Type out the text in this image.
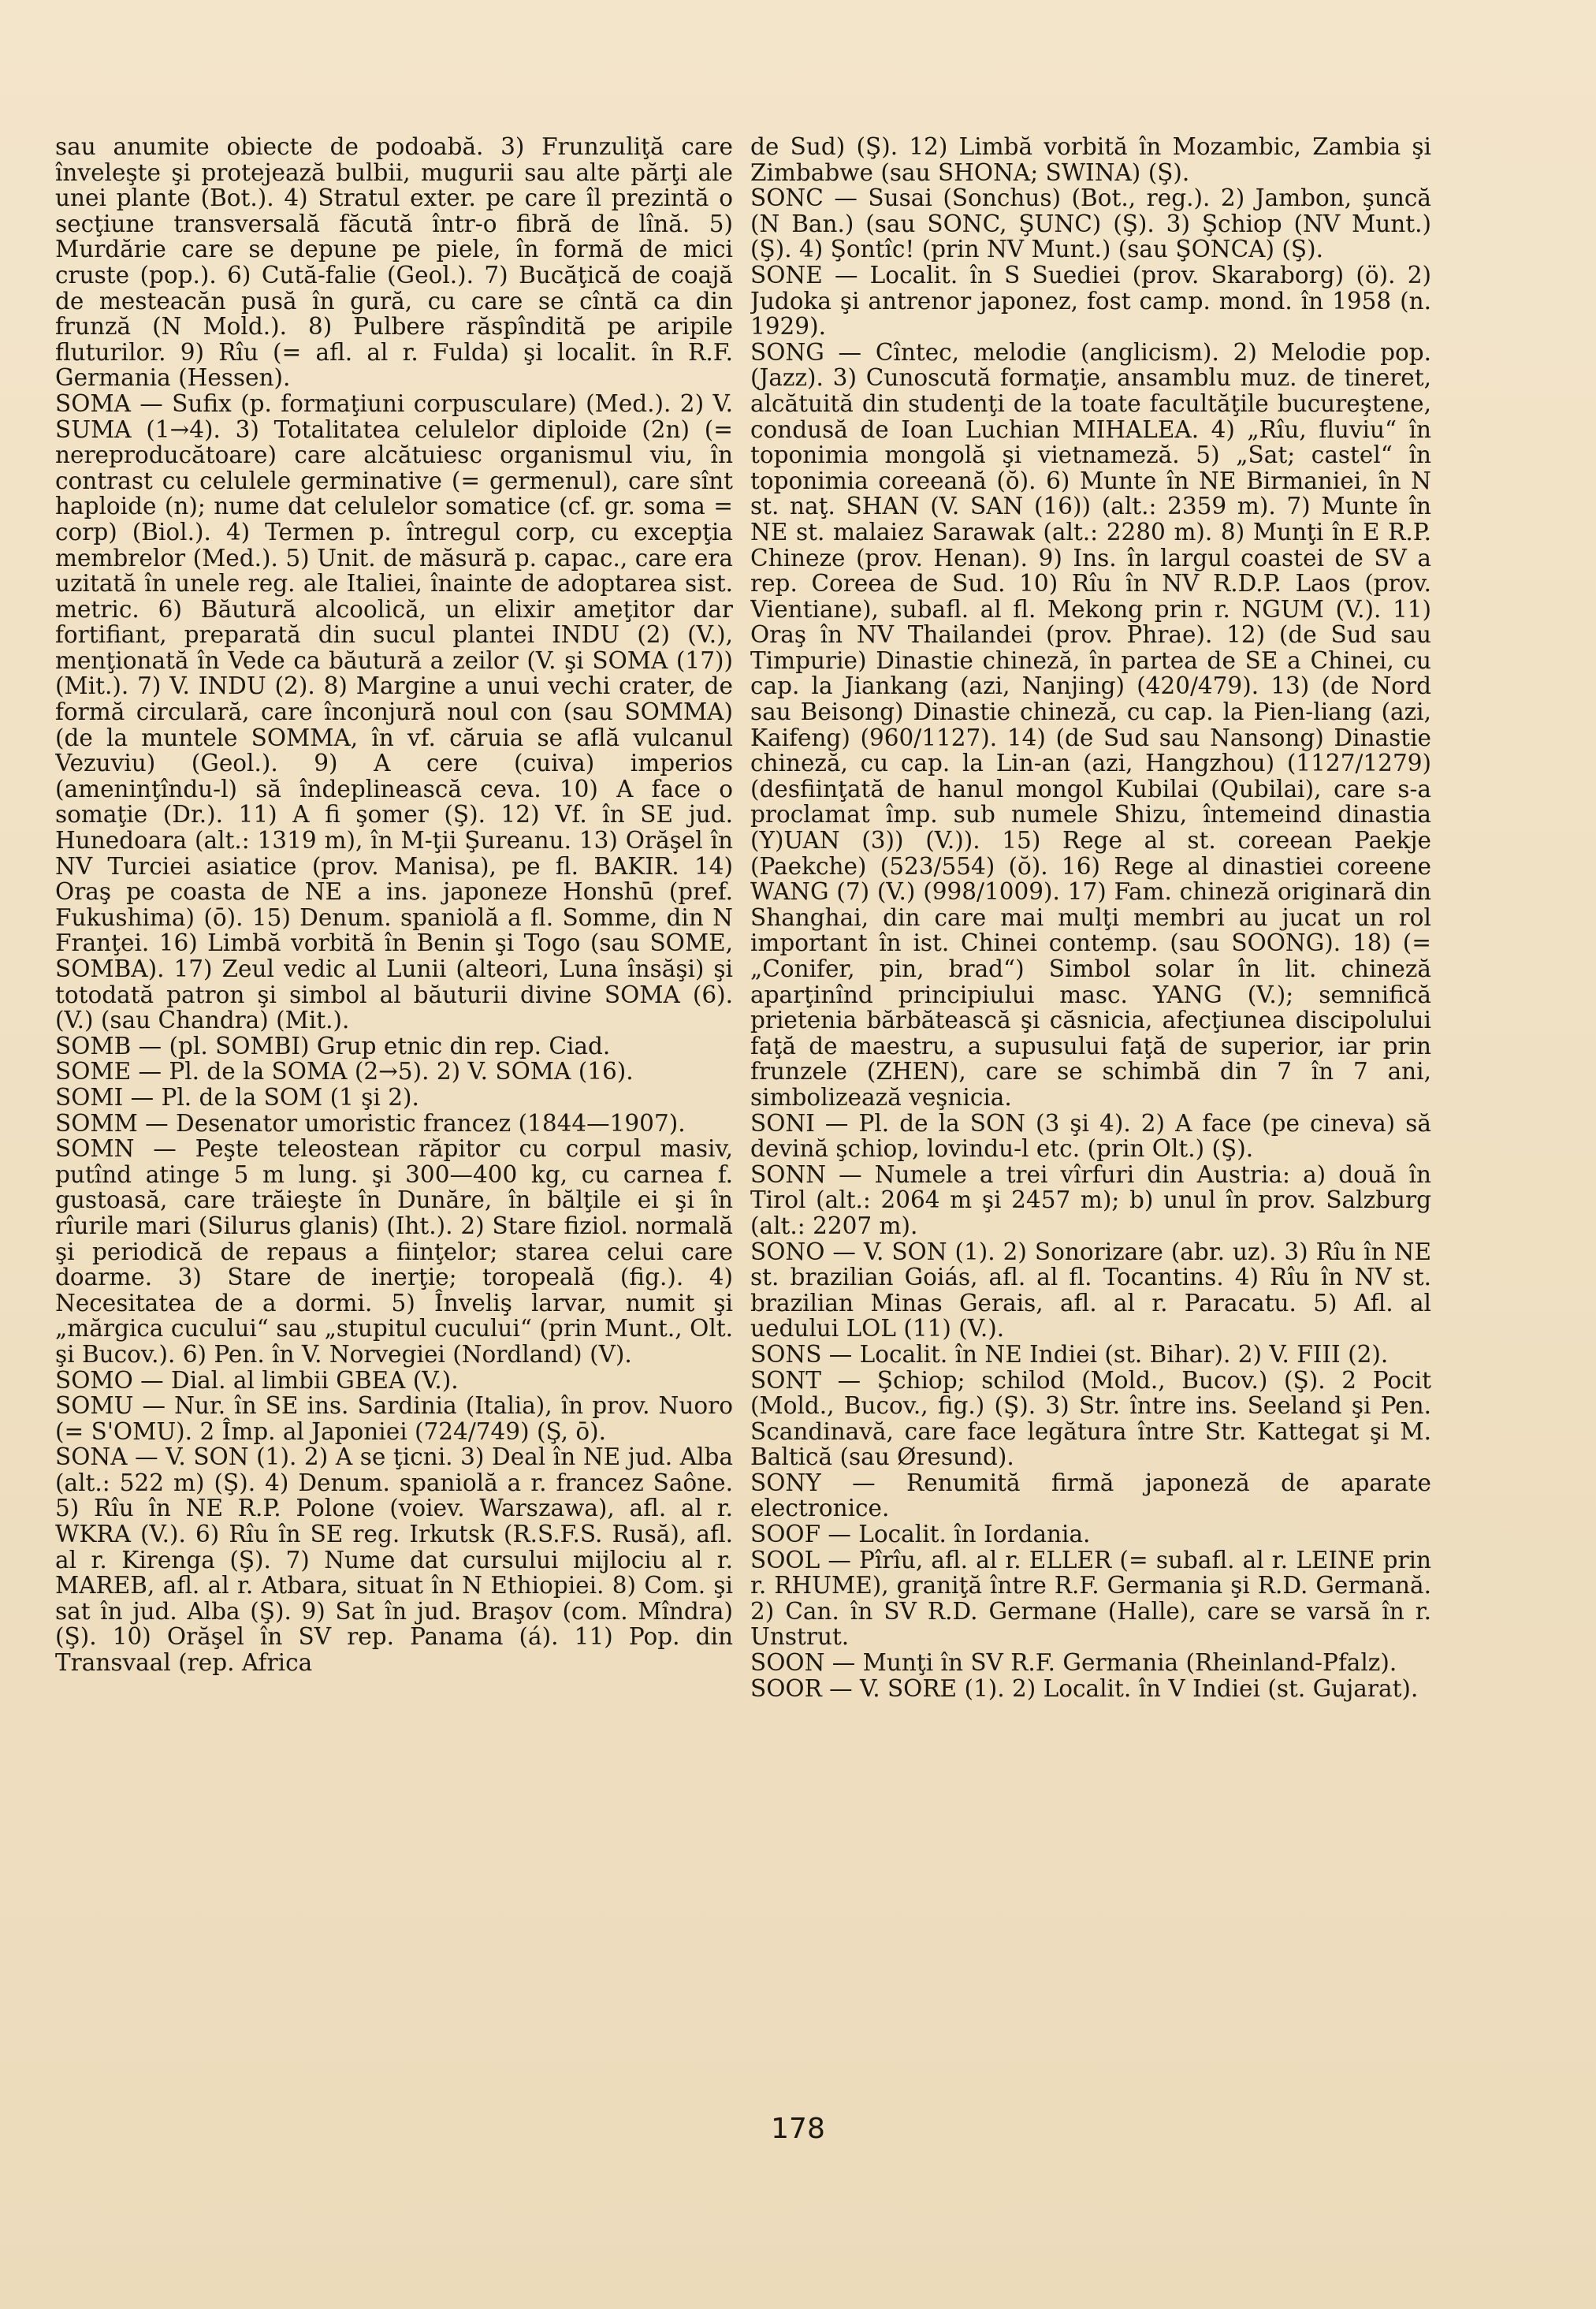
sau anumite obiecte de podoabă. 3) Frunzuliţă care înveleşte şi protejează bulbii, mugurii sau alte părţi ale unei plante (Bot.). 4) Stratul exter. pe care îl prezintă o secţiune transversală făcută într-o fibră de lînă. 5) Murdărie care se depune pe piele, în formă de mici cruste (pop.). 6) Cută-falie (Geol.). 7) Bucăţică de coajă de mesteacăn pusă în gură, cu care se cîntă ca din frunză (N Mold.). 8) Pulbere răspîndită pe aripile fluturilor. 9) Rîu (= afl. al r. Fulda) şi localit. în R.F. Germania (Hessen).

SOMA — Sufix (p. formaţiuni corpusculare) (Med.). 2) V. SUMA (1→4). 3) Totalitatea celulelor diploide (2n) (= nereproducătoare) care alcătuiesc organismul viu, în contrast cu celulele germinative (= germenul), care sînt haploide (n); nume dat celulelor somatice (cf. gr. soma = corp) (Biol.). 4) Termen p. întregul corp, cu excepţia membrelor (Med.). 5) Unit. de măsură p. capac., care era uzitată în unele reg. ale Italiei, înainte de adoptarea sist. metric. 6) Băutură alcoolică, un elixir ameţitor dar fortifiant, preparată din sucul plantei INDU (2) (V.), menţionată în Vede ca băutură a zeilor (V. şi SOMA (17)) (Mit.). 7) V. INDU (2). 8) Margine a unui vechi crater, de formă circulară, care înconjură noul con (sau SOMMA) (de la muntele SOMMA, în vf. căruia se află vulcanul Vezuviu) (Geol.). 9) A cere (cuiva) imperios (ameninţîndu-l) să îndeplinească ceva. 10) A face o somaţie (Dr.). 11) A fi şomer (Ş). 12) Vf. în SE jud. Hunedoara (alt.: 1319 m), în M-ţii Şureanu. 13) Orăşel în NV Turciei asiatice (prov. Manisa), pe fl. BAKIR. 14) Oraş pe coasta de NE a ins. japoneze Honshū (pref. Fukushima) (ō). 15) Denum. spaniolă a fl. Somme, din N Franţei. 16) Limbă vorbită în Benin şi Togo (sau SOME, SOMBA). 17) Zeul vedic al Lunii (alteori, Luna însăşi) şi totodată patron şi simbol al băuturii divine SOMA (6). (V.) (sau Chandra) (Mit.).

SOMB — (pl. SOMBI) Grup etnic din rep. Ciad.

SOME — Pl. de la SOMA (2→5). 2) V. SOMA (16).

SOMI — Pl. de la SOM (1 şi 2).

SOMM — Desenator umoristic francez (1844—1907).

SOMN — Peşte teleostean răpitor cu corpul masiv, putînd atinge 5 m lung. şi 300—400 kg, cu carnea f. gustoasă, care trăieşte în Dunăre, în bălţile ei şi în rîurile mari (Silurus glanis) (Iht.). 2) Stare fiziol. normală şi periodică de repaus a fiinţelor; starea celui care doarme. 3) Stare de inerţie; toropeală (fig.). 4) Necesitatea de a dormi. 5) Înveliş larvar, numit şi „mărgica cucului“ sau „stupitul cucului“ (prin Munt., Olt. şi Bucov.). 6) Pen. în V. Norvegiei (Nordland) (V).

SOMO — Dial. al limbii GBEA (V.).

SOMU — Nur. în SE ins. Sardinia (Italia), în prov. Nuoro (= S'OMU). 2 Împ. al Japoniei (724/749) (Ş, ō).

SONA — V. SON (1). 2) A se ţicni. 3) Deal în NE jud. Alba (alt.: 522 m) (Ş). 4) Denum. spaniolă a r. francez Saône. 5) Rîu în NE R.P. Polone (voiev. Warszawa), afl. al r. WKRA (V.). 6) Rîu în SE reg. Irkutsk (R.S.F.S. Rusă), afl. al r. Kirenga (Ş). 7) Nume dat cursului mijlociu al r. MAREB, afl. al r. Atbara, situat în N Ethiopiei. 8) Com. şi sat în jud. Alba (Ş). 9) Sat în jud. Braşov (com. Mîndra) (Ş). 10) Orăşel în SV rep. Panama (á). 11) Pop. din Transvaal (rep. Africa

de Sud) (Ş). 12) Limbă vorbită în Mozambic, Zambia şi Zimbabwe (sau SHONA; SWINA) (Ş).

SONC — Susai (Sonchus) (Bot., reg.). 2) Jambon, şuncă (N Ban.) (sau SONC, ŞUNC) (Ş). 3) Şchiop (NV Munt.) (Ş). 4) Şontîc! (prin NV Munt.) (sau ŞONCA) (Ş).

SONE — Localit. în S Suediei (prov. Skaraborg) (ö). 2) Judoka şi antrenor japonez, fost camp. mond. în 1958 (n. 1929).

SONG — Cîntec, melodie (anglicism). 2) Melodie pop. (Jazz). 3) Cunoscută formaţie, ansamblu muz. de tineret, alcătuită din studenţi de la toate facultăţile bucureştene, condusă de Ioan Luchian MIHALEA. 4) „Rîu, fluviu“ în toponimia mongolă şi vietnameză. 5) „Sat; castel“ în toponimia coreeană (ŏ). 6) Munte în NE Birmaniei, în N st. naţ. SHAN (V. SAN (16)) (alt.: 2359 m). 7) Munte în NE st. malaiez Sarawak (alt.: 2280 m). 8) Munţi în E R.P. Chineze (prov. Henan). 9) Ins. în largul coastei de SV a rep. Coreea de Sud. 10) Rîu în NV R.D.P. Laos (prov. Vientiane), subafl. al fl. Mekong prin r. NGUM (V.). 11) Oraş în NV Thailandei (prov. Phrae). 12) (de Sud sau Timpurie) Dinastie chineză, în partea de SE a Chinei, cu cap. la Jiankang (azi, Nanjing) (420/479). 13) (de Nord sau Beisong) Dinastie chineză, cu cap. la Pien-liang (azi, Kaifeng) (960/1127). 14) (de Sud sau Nansong) Dinastie chineză, cu cap. la Lin-an (azi, Hangzhou) (1127/1279) (desfiinţată de hanul mongol Kubilai (Qubilai), care s-a proclamat împ. sub numele Shizu, întemeind dinastia (Y)UAN (3)) (V.)). 15) Rege al st. coreean Paekje (Paekche) (523/554) (ŏ). 16) Rege al dinastiei coreene WANG (7) (V.) (998/1009). 17) Fam. chineză originară din Shanghai, din care mai mulţi membri au jucat un rol important în ist. Chinei contemp. (sau SOONG). 18) (= „Conifer, pin, brad“) Simbol solar în lit. chineză aparţinînd principiului masc. YANG (V.); semnifică prietenia bărbătească şi căsnicia, afecţiunea discipolului faţă de maestru, a supusului faţă de superior, iar prin frunzele (ZHEN), care se schimbă din 7 în 7 ani, simbolizează veşnicia.

SONI — Pl. de la SON (3 şi 4). 2) A face (pe cineva) să devină şchiop, lovindu-l etc. (prin Olt.) (Ş).

SONN — Numele a trei vîrfuri din Austria: a) două în Tirol (alt.: 2064 m şi 2457 m); b) unul în prov. Salzburg (alt.: 2207 m).

SONO — V. SON (1). 2) Sonorizare (abr. uz). 3) Rîu în NE st. brazilian Goiás, afl. al fl. Tocantins. 4) Rîu în NV st. brazilian Minas Gerais, afl. al r. Paracatu. 5) Afl. al uedului LOL (11) (V.).

SONS — Localit. în NE Indiei (st. Bihar). 2) V. FIII (2).

SONT — Şchiop; schilod (Mold., Bucov.) (Ş). 2 Pocit (Mold., Bucov., fig.) (Ş). 3) Str. între ins. Seeland şi Pen. Scandinavă, care face legătura între Str. Kattegat şi M. Baltică (sau Øresund).

SONY — Renumită firmă japoneză de aparate electronice.

SOOF — Localit. în Iordania.

SOOL — Pîrîu, afl. al r. ELLER (= subafl. al r. LEINE prin r. RHUME), graniţă între R.F. Germania şi R.D. Germană. 2) Can. în SV R.D. Germane (Halle), care se varsă în r. Unstrut.

SOON — Munţi în SV R.F. Germania (Rheinland-Pfalz).

SOOR — V. SORE (1). 2) Localit. în V Indiei (st. Gujarat).

178
